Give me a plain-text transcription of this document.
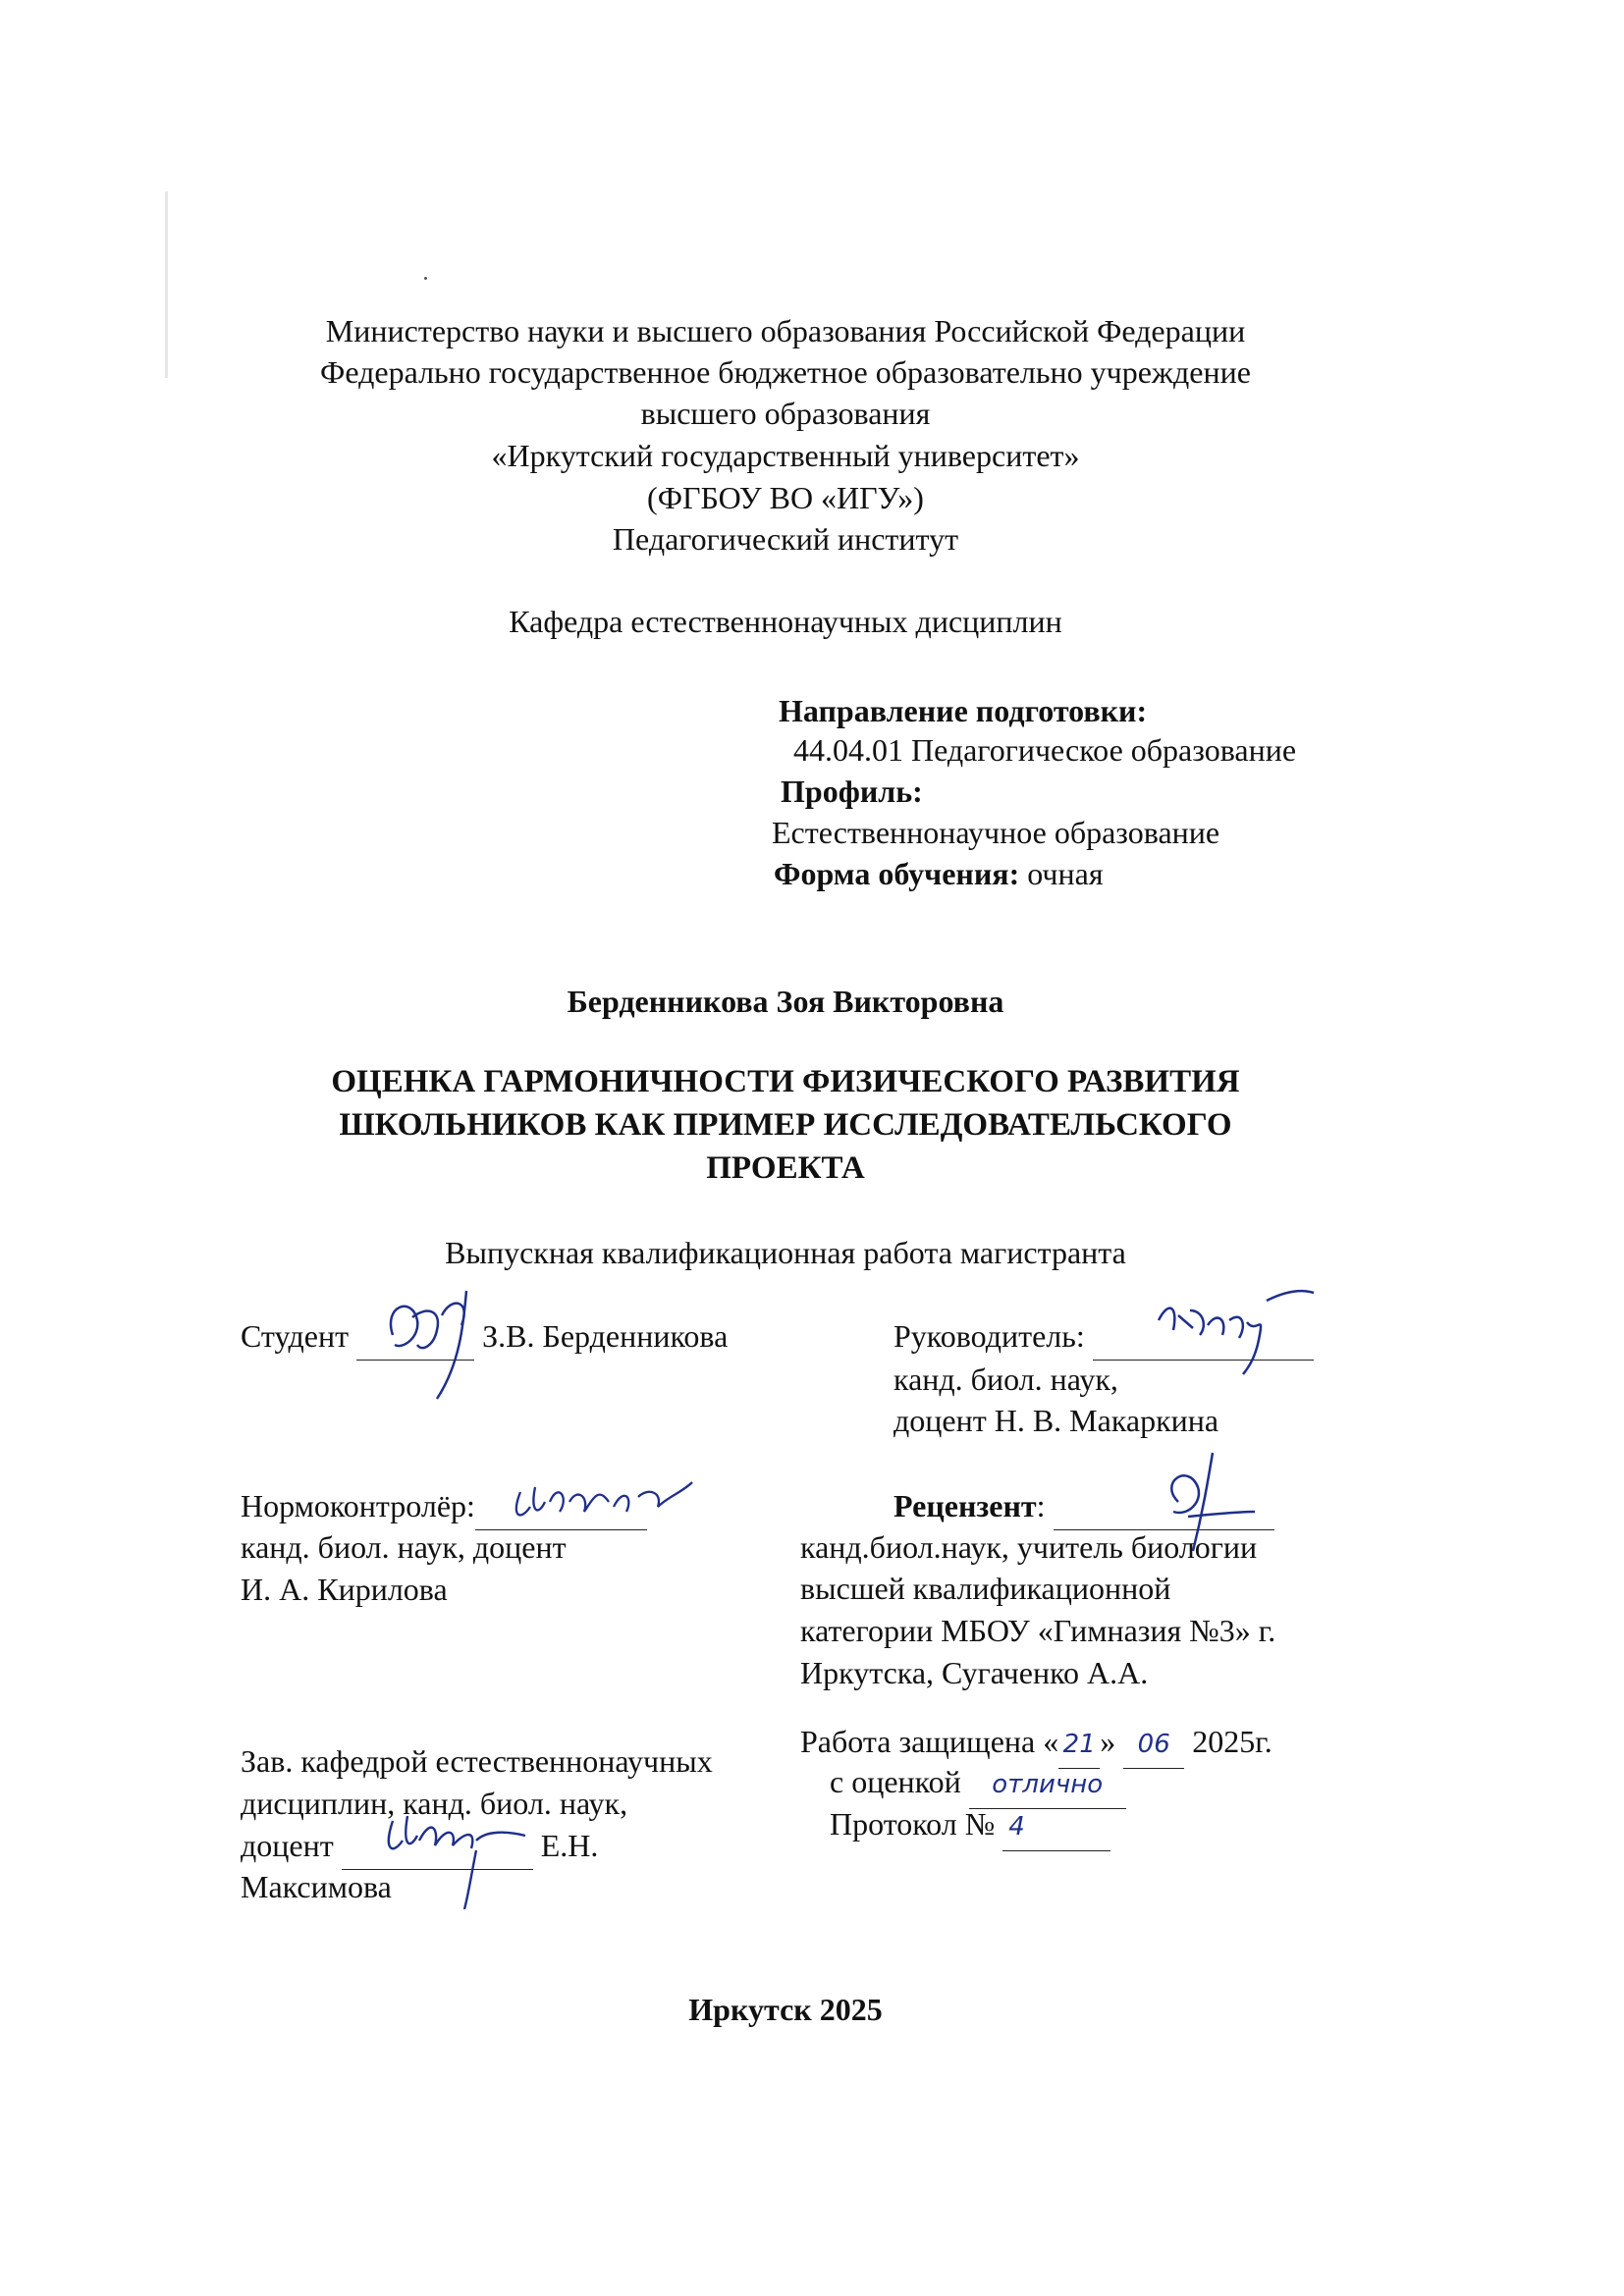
Министерство науки и высшего образования Российской Федерации
Федерально государственное бюджетное образовательно учреждение
высшего образования
«Иркутский государственный университет»
(ФГБОУ ВО «ИГУ»)
Педагогический институт
Кафедра естественнонаучных дисциплин
Направление подготовки:
44.04.01 Педагогическое образование
Профиль:
Естественнонаучное образование
Форма обучения: очная
Берденникова Зоя Викторовна
ОЦЕНКА ГАРМОНИЧНОСТИ ФИЗИЧЕСКОГО РАЗВИТИЯ
ШКОЛЬНИКОВ КАК ПРИМЕР ИССЛЕДОВАТЕЛЬСКОГО
ПРОЕКТА
Выпускная квалификационная работа магистранта
Студент	З.В. Берденникова	Руководитель:
канд. биол. наук,
доцент Н. В. Макаркина
Нормоконтролёр:
канд. биол. наук, доцент
И. А. Кирилова
Рецензент:
канд.биол.наук, учитель биологии
высшей квалификационной
категории МБОУ «Гимназия №3» г.
Иркутска, Сугаченко А.А.
Зав. кафедрой естественнонаучных
дисциплин, канд. биол. наук,
доцент	Е.Н.
Максимова
Работа защищена « 21 » 06 2025г.
с оценкой отлично
Протокол № 4
Иркутск 2025
